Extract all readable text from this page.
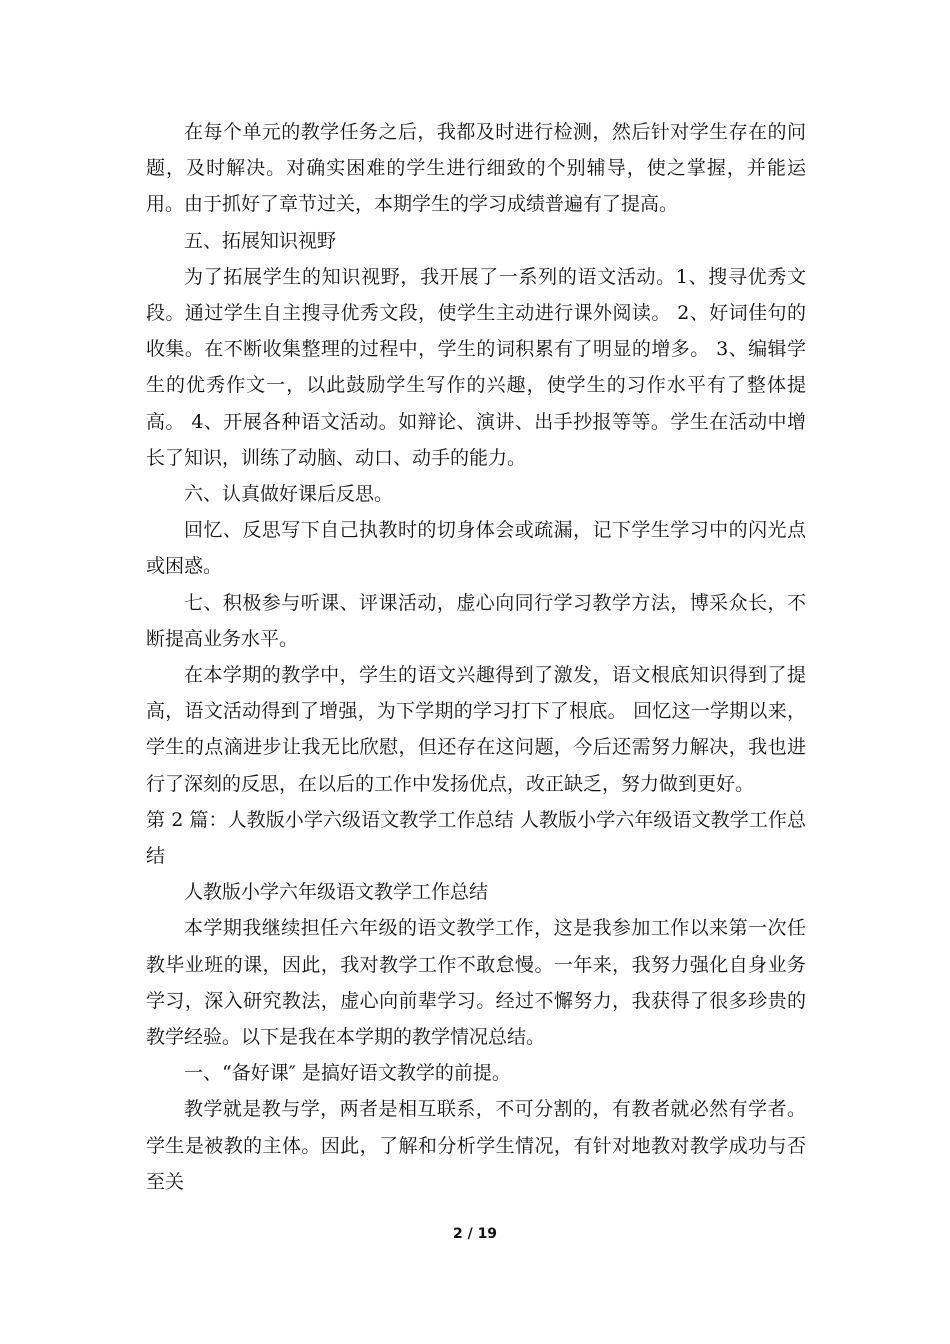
在每个单元的教学任务之后，我都及时进行检测，然后针对学生存在的问题，及时解决。对确实困难的学生进行细致的个别辅导，使之掌握，并能运用。由于抓好了章节过关，本期学生的学习成绩普遍有了提高。

五、拓展知识视野

为了拓展学生的知识视野，我开展了一系列的语文活动。1、搜寻优秀文段。通过学生自主搜寻优秀文段，使学生主动进行课外阅读。 2、好词佳句的收集。在不断收集整理的过程中，学生的词积累有了明显的增多。 3、编辑学生的优秀作文一，以此鼓励学生写作的兴趣，使学生的习作水平有了整体提高。 4、开展各种语文活动。如辩论、演讲、出手抄报等等。学生在活动中增长了知识，训练了动脑、动口、动手的能力。

六、认真做好课后反思。

回忆、反思写下自己执教时的切身体会或疏漏，记下学生学习中的闪光点或困惑。

七、积极参与听课、评课活动，虚心向同行学习教学方法，博采众长，不断提高业务水平。

在本学期的教学中，学生的语文兴趣得到了激发，语文根底知识得到了提高，语文活动得到了增强，为下学期的学习打下了根底。 回忆这一学期以来，学生的点滴进步让我无比欣慰，但还存在这问题，今后还需努力解决，我也进行了深刻的反思，在以后的工作中发扬优点，改正缺乏，努力做到更好。

第 2 篇：人教版小学六级语文教学工作总结 人教版小学六年级语文教学工作总结

人教版小学六年级语文教学工作总结

本学期我继续担任六年级的语文教学工作，这是我参加工作以来第一次任教毕业班的课，因此，我对教学工作不敢怠慢。一年来，我努力强化自身业务学习，深入研究教法，虚心向前辈学习。经过不懈努力，我获得了很多珍贵的教学经验。以下是我在本学期的教学情况总结。

一、“备好课″ 是搞好语文教学的前提。

教学就是教与学，两者是相互联系，不可分割的，有教者就必然有学者。学生是被教的主体。因此，了解和分析学生情况，有针对地教对教学成功与否至关

2 / 19
